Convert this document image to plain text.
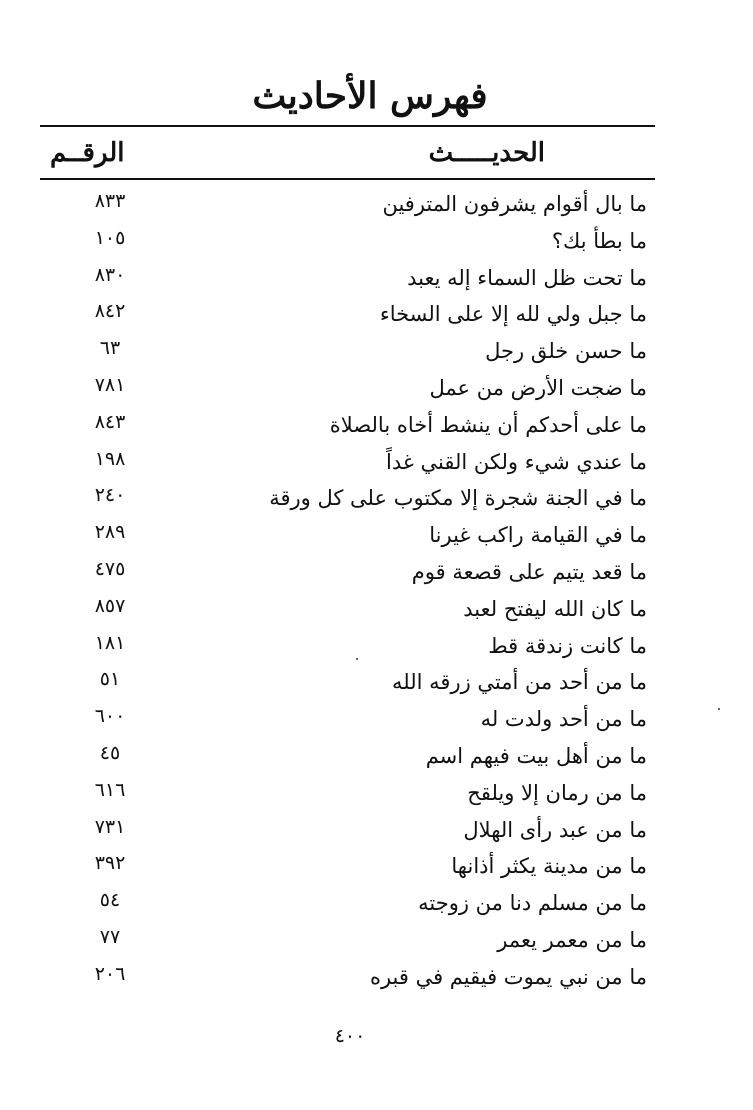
فهرس الأحاديث
الحديـــــث
الرقــم
ما بال أقوام يشرفون المترفين
٨٣٣
ما بطأ بك؟
١٠٥
ما تحت ظل السماء إله يعبد
٨٣٠
ما جبل ولي لله إلا على السخاء
٨٤٢
ما حسن خلق رجل
٦٣
ما ضجت الأرض من عمل
٧٨١
ما على أحدكم أن ينشط أخاه بالصلاة
٨٤٣
ما عندي شيء ولكن القني غداً
١٩٨
ما في الجنة شجرة إلا مكتوب على كل ورقة
٢٤٠
ما في القيامة راكب غيرنا
٢٨٩
ما قعد يتيم على قصعة قوم
٤٧٥
ما كان الله ليفتح لعبد
٨٥٧
ما كانت زندقة قط
١٨١
ما من أحد من أمتي زرقه الله
٥١
ما من أحد ولدت له
٦٠٠
ما من أهل بيت فيهم اسم
٤٥
ما من رمان إلا ويلقح
٦١٦
ما من عبد رأى الهلال
٧٣١
ما من مدينة يكثر أذانها
٣٩٢
ما من مسلم دنا من زوجته
٥٤
ما من معمر يعمر
٧٧
ما من نبي يموت فيقيم في قبره
٢٠٦
٤٠٠
